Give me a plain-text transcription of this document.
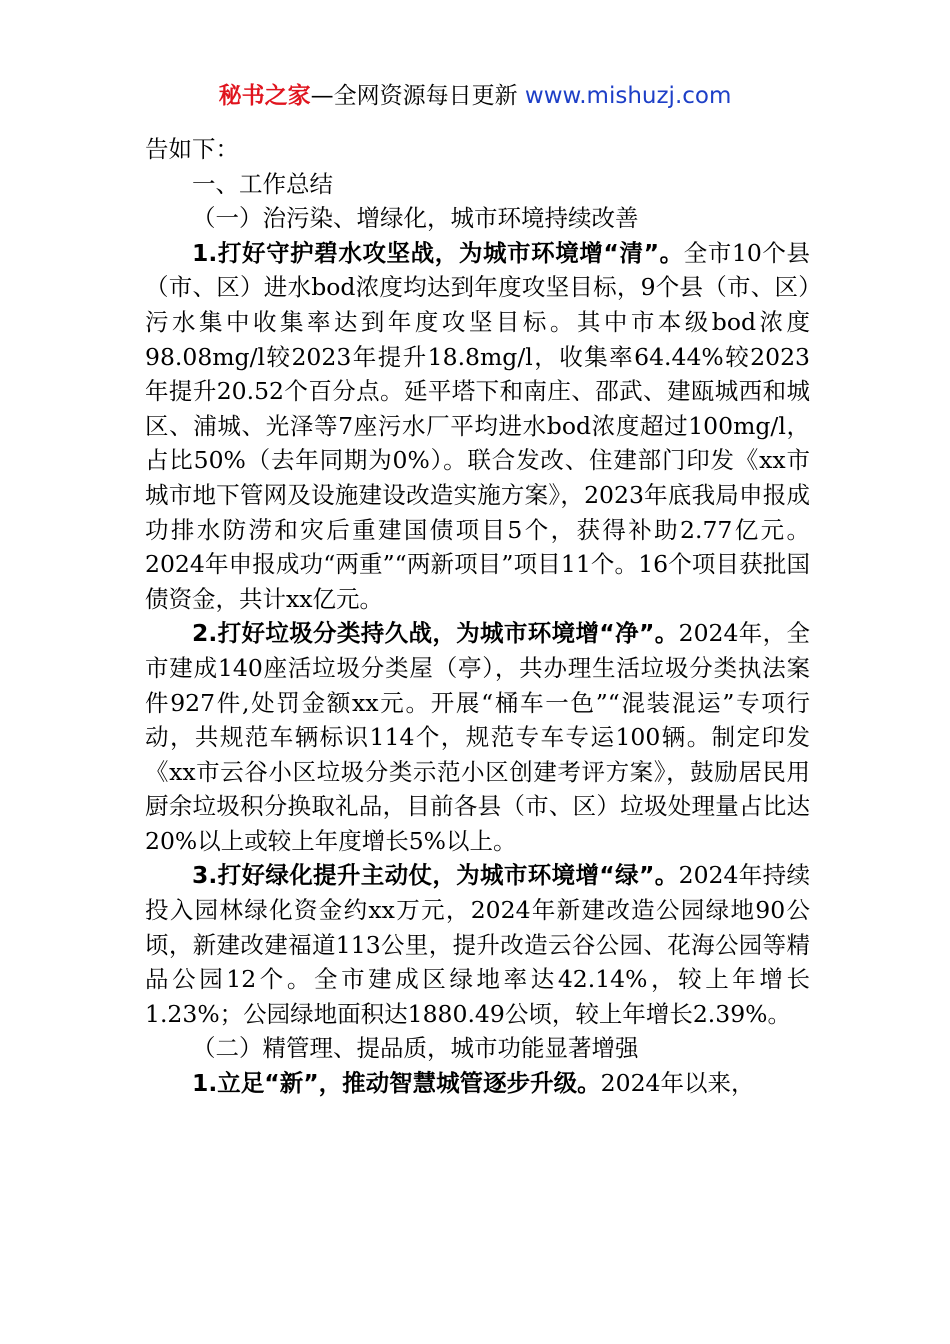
秘书之家—全网资源每日更新 www.mishuzj.com

告如下：

一、工作总结

（一）治污染、增绿化，城市环境持续改善

1.打好守护碧水攻坚战，为城市环境增“清”。全市10个县（市、区）进水bod浓度均达到年度攻坚目标，9个县（市、区）污水集中收集率达到年度攻坚目标。其中市本级bod浓度98.08mg/l较2023年提升18.8mg/l，收集率64.44%较2023年提升20.52个百分点。延平塔下和南庄、邵武、建瓯城西和城区、浦城、光泽等7座污水厂平均进水bod浓度超过100mg/l，占比50%（去年同期为0%）。联合发改、住建部门印发《xx市城市地下管网及设施建设改造实施方案》，2023年底我局申报成功排水防涝和灾后重建国债项目5个，获得补助2.77亿元。2024年申报成功“两重”“两新项目”项目11个。16个项目获批国债资金，共计xx亿元。

2.打好垃圾分类持久战，为城市环境增“净”。2024年，全市建成140座活垃圾分类屋（亭），共办理生活垃圾分类执法案件927件,处罚金额xx元。开展“桶车一色”“混装混运”专项行动，共规范车辆标识114个，规范专车专运100辆。制定印发《xx市云谷小区垃圾分类示范小区创建考评方案》，鼓励居民用厨余垃圾积分换取礼品，目前各县（市、区）垃圾处理量占比达20%以上或较上年度增长5%以上。

3.打好绿化提升主动仗，为城市环境增“绿”。2024年持续投入园林绿化资金约xx万元，2024年新建改造公园绿地90公顷，新建改建福道113公里，提升改造云谷公园、花海公园等精品公园12个。全市建成区绿地率达42.14%，较上年增长1.23%；公园绿地面积达1880.49公顷，较上年增长2.39%。

（二）精管理、提品质，城市功能显著增强

1.立足“新”，推动智慧城管逐步升级。2024年以来，
